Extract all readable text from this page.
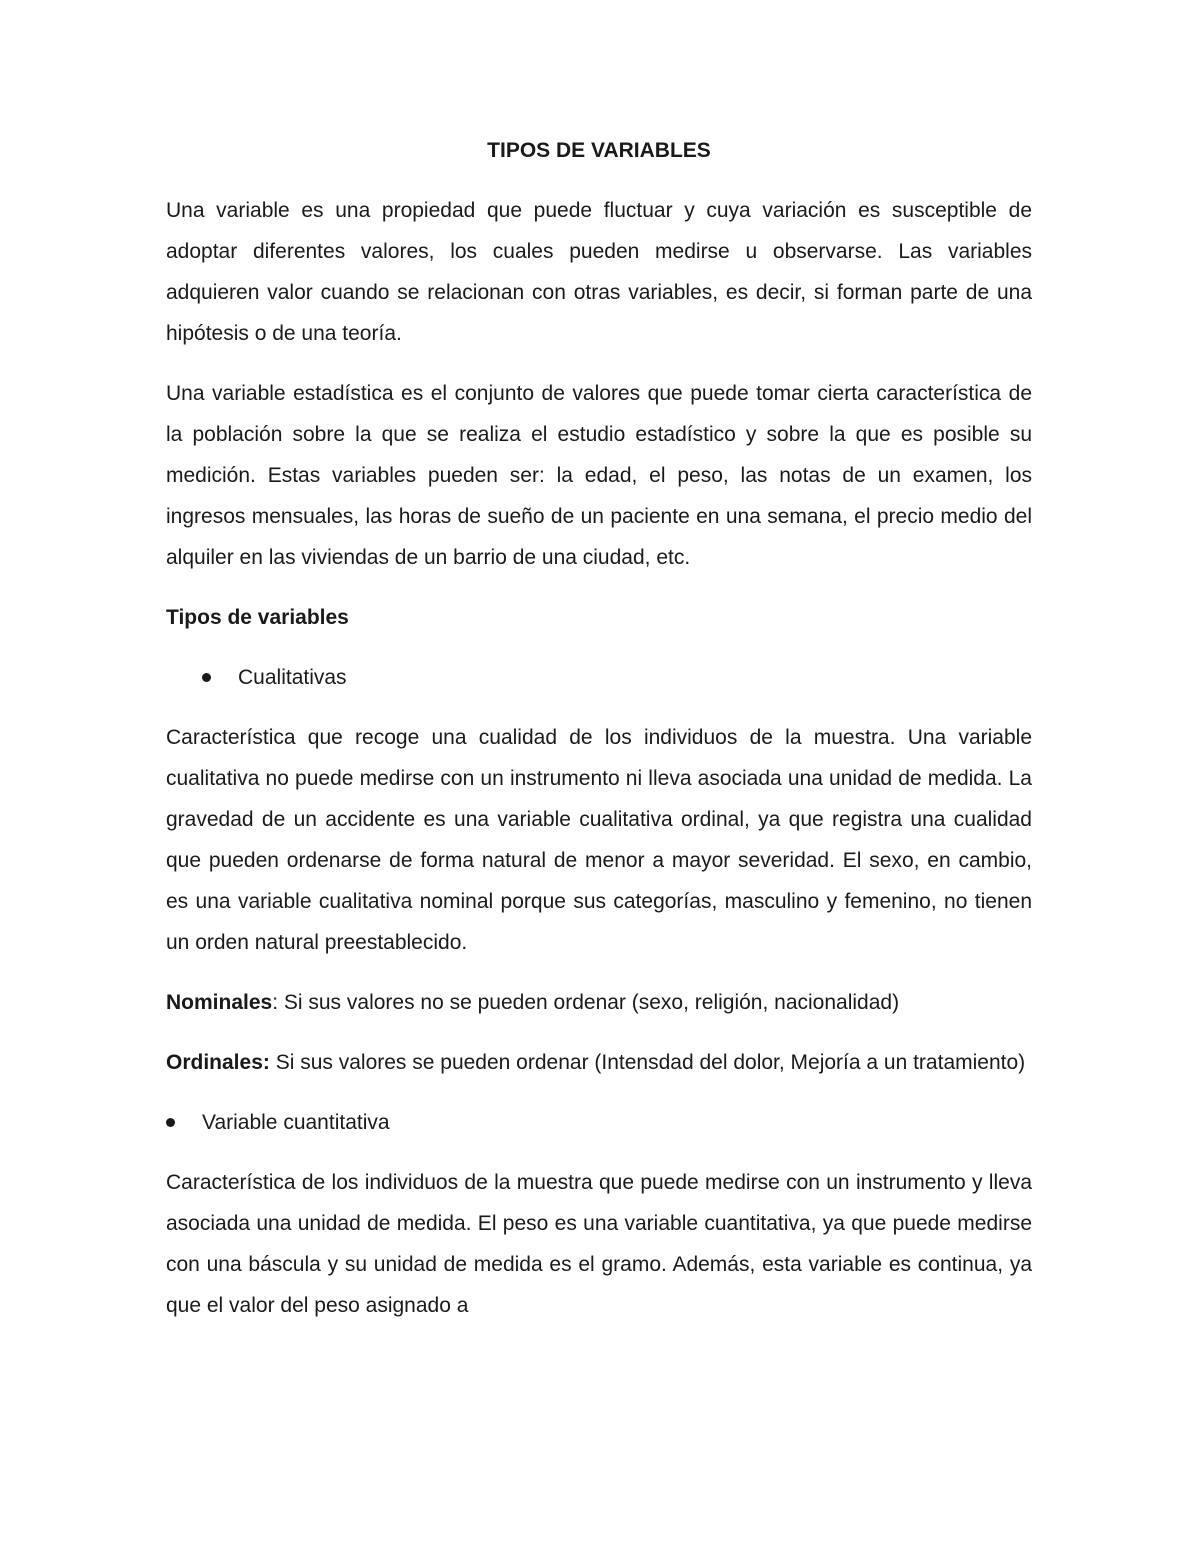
TIPOS DE VARIABLES

Una variable es una propiedad que puede fluctuar y cuya variación es susceptible de adoptar diferentes valores, los cuales pueden medirse u observarse. Las variables adquieren valor cuando se relacionan con otras variables, es decir, si forman parte de una hipótesis o de una teoría.

Una variable estadística es el conjunto de valores que puede tomar cierta característica de la población sobre la que se realiza el estudio estadístico y sobre la que es posible su medición. Estas variables pueden ser: la edad, el peso, las notas de un examen, los ingresos mensuales, las horas de sueño de un paciente en una semana, el precio medio del alquiler en las viviendas de un barrio de una ciudad, etc.

Tipos de variables
Cualitativas

Característica que recoge una cualidad de los individuos de la muestra. Una variable cualitativa no puede medirse con un instrumento ni lleva asociada una unidad de medida. La gravedad de un accidente es una variable cualitativa ordinal, ya que registra una cualidad que pueden ordenarse de forma natural de menor a mayor severidad. El sexo, en cambio, es una variable cualitativa nominal porque sus categorías, masculino y femenino, no tienen un orden natural preestablecido.

Nominales: Si sus valores no se pueden ordenar (sexo, religión, nacionalidad)

Ordinales: Si sus valores se pueden ordenar (Intensdad del dolor, Mejoría a un tratamiento)

Variable cuantitativa

Característica de los individuos de la muestra que puede medirse con un instrumento y lleva asociada una unidad de medida. El peso es una variable cuantitativa, ya que puede medirse con una báscula y su unidad de medida es el gramo. Además, esta variable es continua, ya que el valor del peso asignado a
